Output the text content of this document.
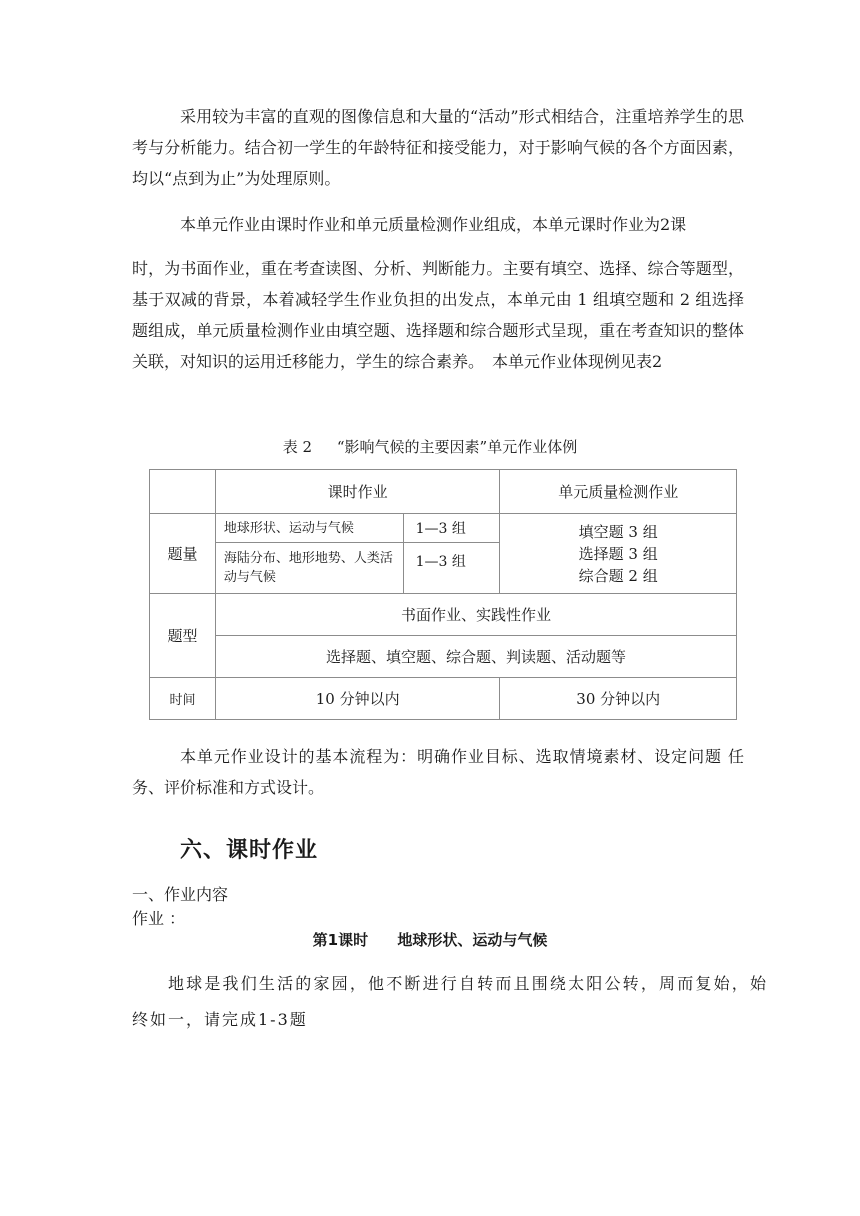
采用较为丰富的直观的图像信息和大量的“活动”形式相结合，注重培养学生的思考与分析能力。结合初一学生的年龄特征和接受能力，对于影响气候的各个方面因素，均以“点到为止”为处理原则。
本单元作业由课时作业和单元质量检测作业组成，本单元课时作业为2课
时，为书面作业，重在考查读图、分析、判断能力。主要有填空、选择、综合等题型，基于双减的背景，本着减轻学生作业负担的出发点，本单元由 1 组填空题和 2 组选择题组成，单元质量检测作业由填空题、选择题和综合题形式呈现，重在考查知识的整体关联，对知识的运用迁移能力，学生的综合素养。　本单元作业体现例见表2
表 2 “影响气候的主要因素”单元作业体例
	课时作业		单元质量检测作业
题量	地球形状、运动与气候	1—3 组	填空题 3 组
选择题 3 组
综合题 2 组

	海陆分布、地形地势、人类活动与气候	1—3 组	
题型	书面作业、实践性作业		
	选择题、填空题、综合题、判读题、活动题等		
时间	10 分钟以内		30 分钟以内
本单元作业设计的基本流程为：明确作业目标、选取情境素材、设定问题 任务、评价标准和方式设计。
六、课时作业
一、作业内容
作业 ：
第1课时 地球形状、运动与气候
地球是我们生活的家园，他不断进行自转而且围绕太阳公转，周而复始，始终如一，请完成1-3题
